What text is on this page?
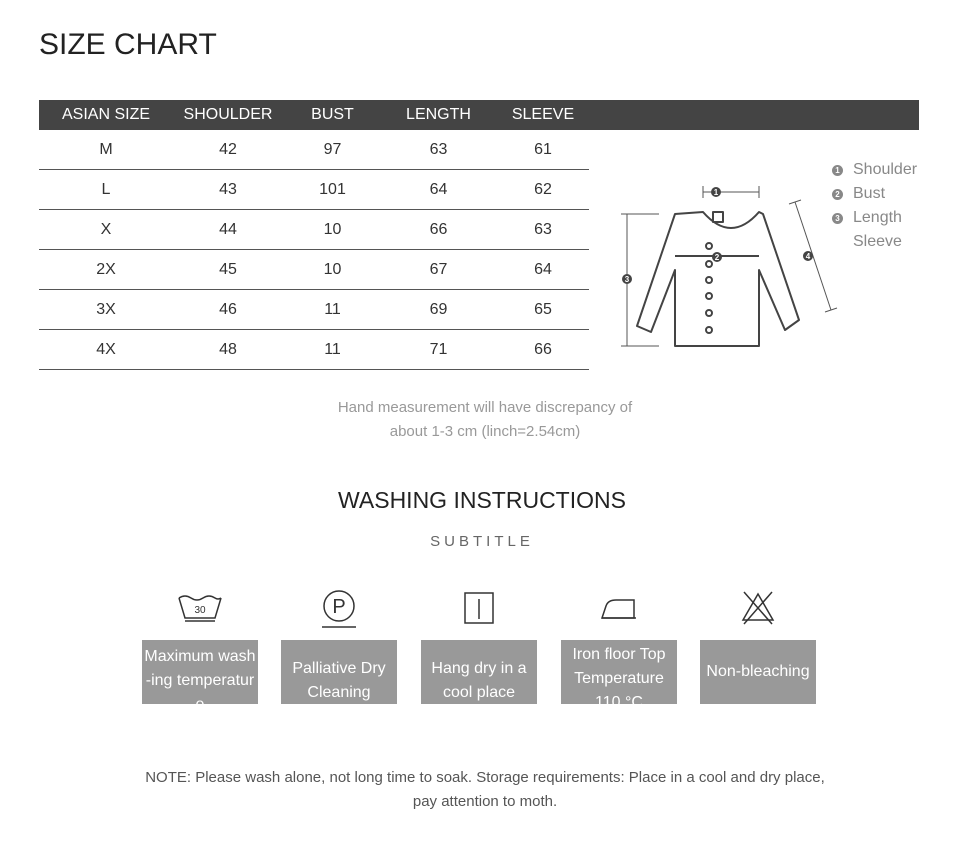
SIZE CHART
ASIAN SIZE	SHOULDER	BUST	LENGTH	SLEEVE
M	42	97	63	61
L	43	101	64	62
X	44	10	66	63
2X	45	10	67	64
3X	46	11	69	65
4X	48	11	71	66
1 Shoulder
2 Bust
3 Length
Sleeve
1
2
3
4
Hand measurement will have discrepancy of
about 1-3 cm (linch=2.54cm)
WASHING INSTRUCTIONS
SUBTITLE
30
Maximum wash-ing temperature
P
Palliative Dry Cleaning
Hang dry in a cool place
Iron floor Top Temperature 110 °C
Non-bleaching
NOTE: Please wash alone, not long time to soak. Storage requirements: Place in a cool and dry place,
pay attention to moth.
